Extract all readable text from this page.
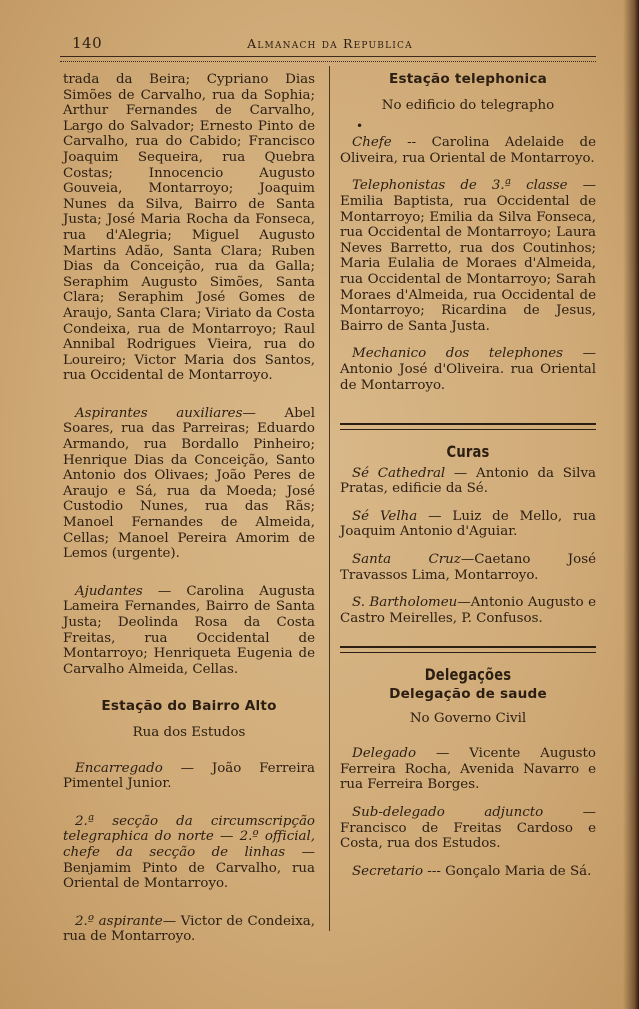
140	Almanach da Republica

trada da Beira; Cypriano Dias Simões de Carvalho, rua da Sophia; Arthur Fernandes de Carvalho, Largo do Salvador; Ernesto Pinto de Carvalho, rua do Cabido; Francisco Joaquim Sequeira, rua Quebra Costas; Innocencio Augusto Gouveia, Montarroyo; Joaquim Nunes da Silva, Bairro de Santa Justa; José Maria Rocha da Fonseca, rua d'Alegria; Miguel Augusto Martins Adão, Santa Clara; Ruben Dias da Conceição, rua da Galla; Seraphim Augusto Simões, Santa Clara; Seraphim José Gomes de Araujo, Santa Clara; Viriato da Costa Condeixa, rua de Montarroyo; Raul Annibal Rodrigues Vieira, rua do Loureiro; Victor Maria dos Santos, rua Occidental de Montarroyo.

Aspirantes auxiliares— Abel Soares, rua das Parreiras; Eduardo Armando, rua Bordallo Pinheiro; Henrique Dias da Conceição, Santo Antonio dos Olivaes; João Peres de Araujo e Sá, rua da Moeda; José Custodio Nunes, rua das Rãs; Manoel Fernandes de Almeida, Cellas; Manoel Pereira Amorim de Lemos (urgente).

Ajudantes — Carolina Augusta Lameira Fernandes, Bairro de Santa Justa; Deolinda Rosa da Costa Freitas, rua Occidental de Montarroyo; Henriqueta Eugenia de Carvalho Almeida, Cellas.

Estação do Bairro Alto
Rua dos Estudos

Encarregado — João Ferreira Pimentel Junior.

2.ª secção da circumscripção telegraphica do norte — 2.º official, chefe da secção de linhas — Benjamim Pinto de Carvalho, rua Oriental de Montarroyo.

2.º aspirante— Victor de Condeixa, rua de Montarroyo.

Estação telephonica
No edificio do telegrapho
•

Chefe -- Carolina Adelaide de Oliveira, rua Oriental de Montarroyo.

Telephonistas de 3.ª classe — Emilia Baptista, rua Occidental de Montarroyo; Emilia da Silva Fonseca, rua Occidental de Montarroyo; Laura Neves Barretto, rua dos Coutinhos; Maria Eulalia de Moraes d'Almeida, rua Occidental de Montarroyo; Sarah Moraes d'Almeida, rua Occidental de Montarroyo; Ricardina de Jesus, Bairro de Santa Justa.

Mechanico dos telephones — Antonio José d'Oliveira. rua Oriental de Montarroyo.

Curas

Sé Cathedral — Antonio da Silva Pratas, edificie da Sé.

Sé Velha — Luiz de Mello, rua Joaquim Antonio d'Aguiar.

Santa Cruz—Caetano José Travassos Lima, Montarroyo.

S. Bartholomeu—Antonio Augusto e Castro Meirelles, P. Confusos.

Delegações
Delegação de saude
No Governo Civil

Delegado — Vicente Augusto Ferreira Rocha, Avenida Navarro e rua Ferreira Borges.

Sub-delegado adjuncto — Francisco de Freitas Cardoso e Costa, rua dos Estudos.

Secretario --- Gonçalo Maria de Sá.
